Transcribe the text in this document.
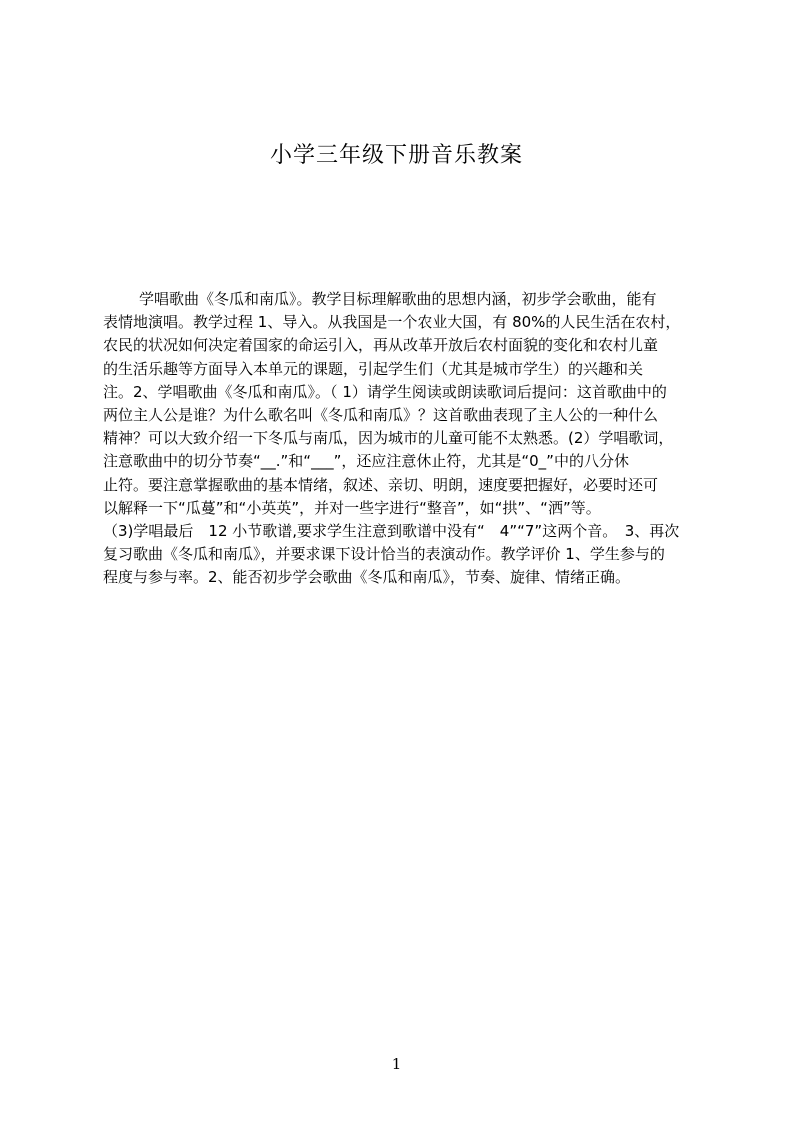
小学三年级下册音乐教案
学唱歌曲《冬瓜和南瓜》。教学目标理解歌曲的思想内涵，初步学会歌曲，能有
表情地演唱。教学过程 1、导入。从我国是一个农业大国，有 80%的人民生活在农村，
农民的状况如何决定着国家的命运引入，再从改革开放后农村面貌的变化和农村儿童
的生活乐趣等方面导入本单元的课题，引起学生们（尤其是城市学生）的兴趣和关
注。2、学唱歌曲《冬瓜和南瓜》。（ 1）请学生阅读或朗读歌词后提问：这首歌曲中的
两位主人公是谁？为什么歌名叫《冬瓜和南瓜》？这首歌曲表现了主人公的一种什么
精神？可以大致介绍一下冬瓜与南瓜，因为城市的儿童可能不太熟悉。(2）学唱歌词，
注意歌曲中的切分节奏“__.”和“___”，还应注意休止符，尤其是“0_”中的八分休
止符。要注意掌握歌曲的基本情绪，叙述、亲切、明朗，速度要把握好，必要时还可
以解释一下“瓜蔓”和“小英英”，并对一些字进行“整音”，如“拱”、“洒”等。
（3)学唱最后　12 小节歌谱,要求学生注意到歌谱中没有“　4”“7”这两个音。　3、再次
复习歌曲《冬瓜和南瓜》，并要求课下设计恰当的表演动作。教学评价 1、学生参与的
程度与参与率。2、能否初步学会歌曲《冬瓜和南瓜》，节奏、旋律、情绪正确。
1
